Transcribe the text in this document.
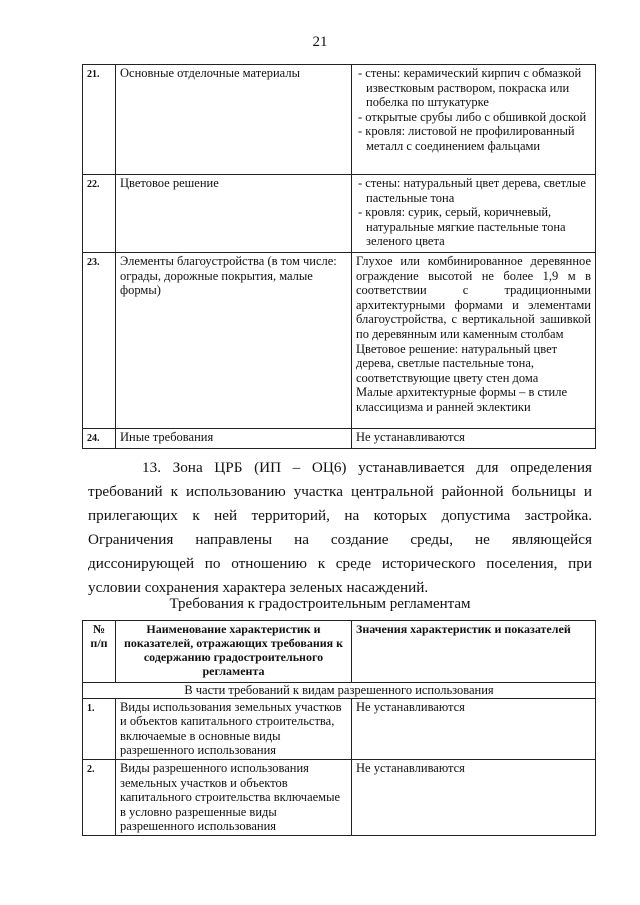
21
21.	Основные отделочные материалы	- стены: керамический кирпич с обмазкой известковым раствором, покраска или побелка по штукатурке
- открытые срубы либо с обшивкой доской
- кровля: листовой не профилированный металл с соединением фальцами

22.	Цветовое решение	- стены: натуральный цвет дерева, светлые пастельные тона
- кровля: сурик, серый, коричневый, натуральные мягкие пастельные тона зеленого цвета

23.	Элементы благоустройства (в том числе: ограды, дорожные покрытия, малые формы)	Глухое или комбинированное деревянное ограждение высотой не более 1,9 м в соответствии с традиционными архитектурными формами и элементами благоустройства, с вертикальной зашивкой по деревянным или каменным столбам
Цветовое решение: натуральный цвет дерева, светлые пастельные тона, соответствующие цвету стен дома
Малые архитектурные формы – в стиле классицизма и ранней эклектики

24.	Иные требования	Не устанавливаются

13. Зона ЦРБ (ИП – ОЦ6) устанавливается для определения требований к использованию участка центральной районной больницы и прилегающих к ней территорий, на которых допустима застройка. Ограничения направлены на создание среды, не являющейся диссонирующей по отношению к среде исторического поселения, при условии сохранения характера зеленых насаждений.

Требования к градостроительным регламентам
№ п/п	Наименование характеристик и показателей, отражающих требования к содержанию градостроительного регламента	Значения характеристик и показателей
В части требований к видам разрешенного использования		
1.	Виды использования земельных участков и объектов капитального строительства, включаемые в основные виды разрешенного использования	Не устанавливаются
2.	Виды разрешенного использования земельных участков и объектов капитального строительства включаемые в условно разрешенные виды разрешенного использования	Не устанавливаются
